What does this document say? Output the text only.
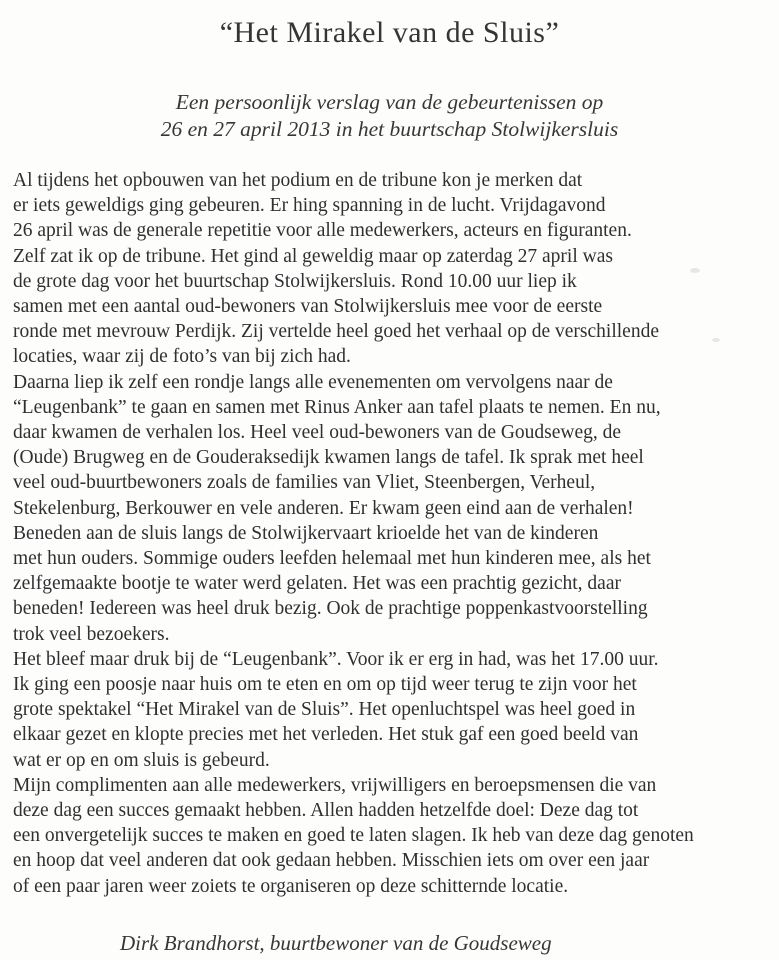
“Het Mirakel van de Sluis”
Een persoonlijk verslag van de gebeurtenissen op
26 en 27 april 2013 in het buurtschap Stolwijkersluis
Al tijdens het opbouwen van het podium en de tribune kon je merken dat
er iets geweldigs ging gebeuren. Er hing spanning in de lucht. Vrijdagavond
26 april was de generale repetitie voor alle medewerkers, acteurs en figuranten.
Zelf zat ik op de tribune. Het gind al geweldig maar op zaterdag 27 april was
de grote dag voor het buurtschap Stolwijkersluis. Rond 10.00 uur liep ik
samen met een aantal oud-bewoners van Stolwijkersluis mee voor de eerste
ronde met mevrouw Perdijk. Zij vertelde heel goed het verhaal op de verschillende
locaties, waar zij de foto’s van bij zich had.
Daarna liep ik zelf een rondje langs alle evenementen om vervolgens naar de
“Leugenbank” te gaan en samen met Rinus Anker aan tafel plaats te nemen. En nu,
daar kwamen de verhalen los. Heel veel oud-bewoners van de Goudseweg, de
(Oude) Brugweg en de Gouderaksedijk kwamen langs de tafel. Ik sprak met heel
veel oud-buurtbewoners zoals de families van Vliet, Steenbergen, Verheul,
Stekelenburg, Berkouwer en vele anderen. Er kwam geen eind aan de verhalen!
Beneden aan de sluis langs de Stolwijkervaart krioelde het van de kinderen
met hun ouders. Sommige ouders leefden helemaal met hun kinderen mee, als het
zelfgemaakte bootje te water werd gelaten. Het was een prachtig gezicht, daar
beneden! Iedereen was heel druk bezig. Ook de prachtige poppenkastvoorstelling
trok veel bezoekers.
Het bleef maar druk bij de “Leugenbank”. Voor ik er erg in had, was het 17.00 uur.
Ik ging een poosje naar huis om te eten en om op tijd weer terug te zijn voor het
grote spektakel “Het Mirakel van de Sluis”. Het openluchtspel was heel goed in
elkaar gezet en klopte precies met het verleden. Het stuk gaf een goed beeld van
wat er op en om sluis is gebeurd.
Mijn complimenten aan alle medewerkers, vrijwilligers en beroepsmensen die van
deze dag een succes gemaakt hebben. Allen hadden hetzelfde doel: Deze dag tot
een onvergetelijk succes te maken en goed te laten slagen. Ik heb van deze dag genoten
en hoop dat veel anderen dat ook gedaan hebben. Misschien iets om over een jaar
of een paar jaren weer zoiets te organiseren op deze schitternde locatie.
Dirk Brandhorst, buurtbewoner van de Goudseweg
